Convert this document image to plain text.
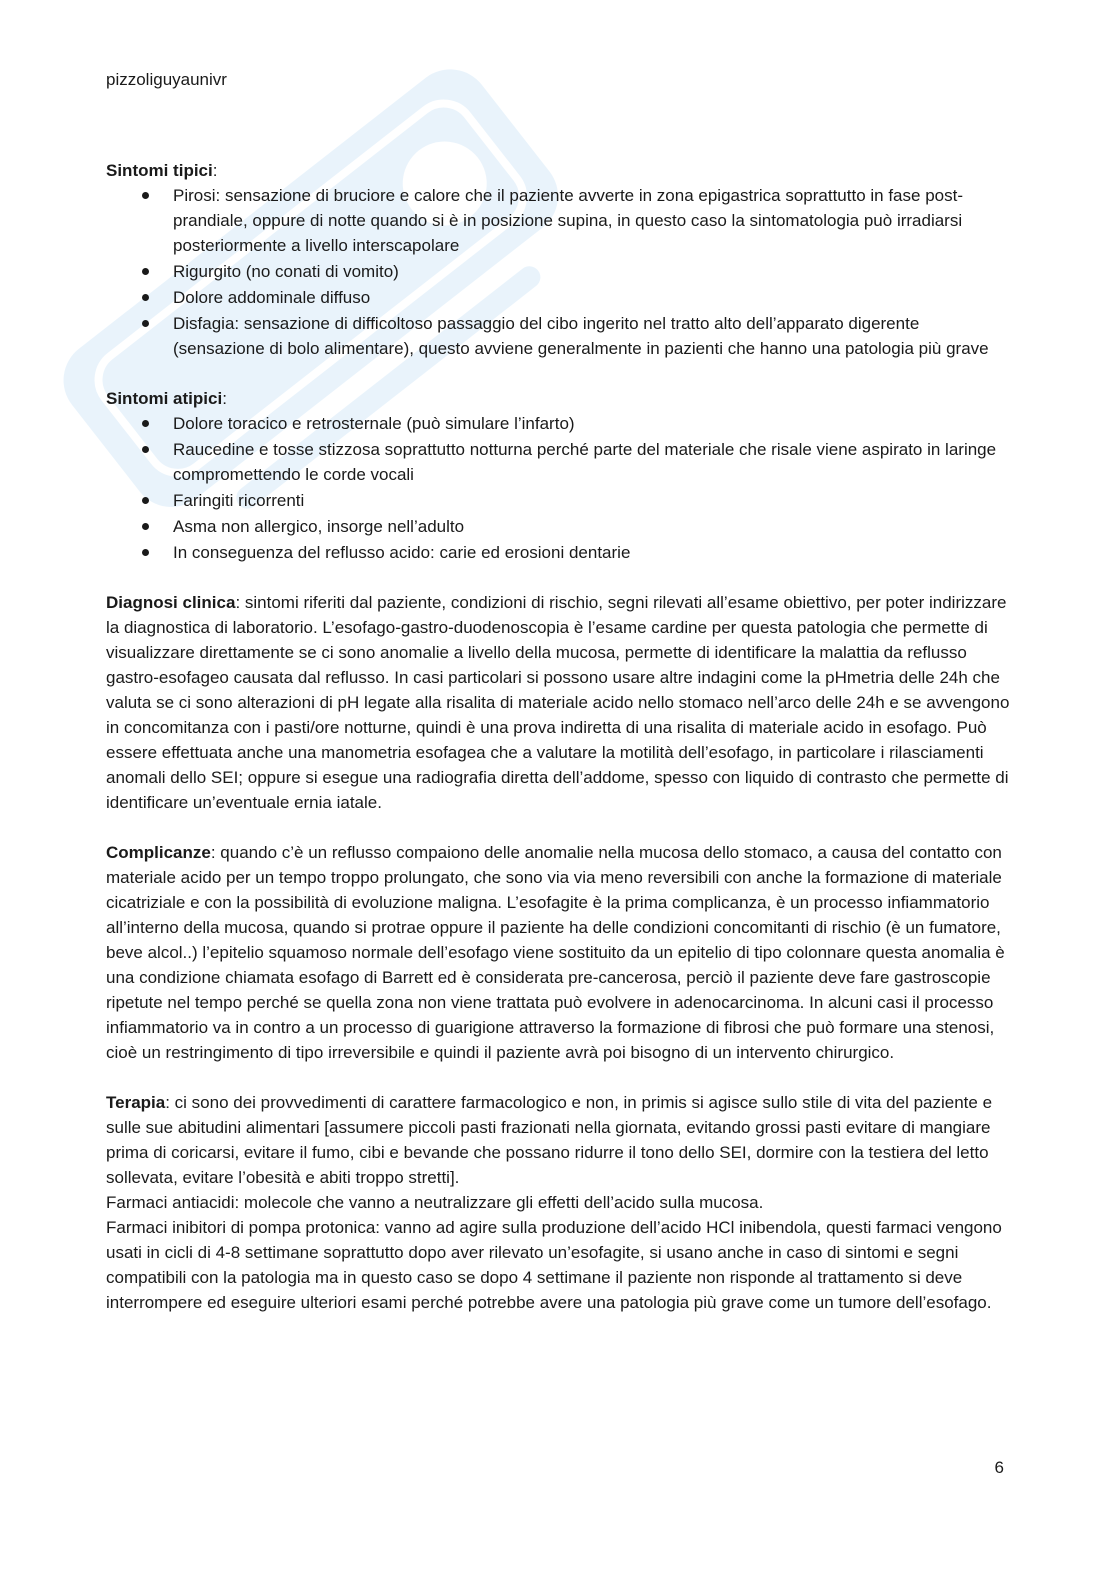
pizzoliguyaunivr

Sintomi tipici:

Pirosi: sensazione di bruciore e calore che il paziente avverte in zona epigastrica soprattutto in fase post-prandiale, oppure di notte quando si è in posizione supina, in questo caso la sintomatologia può irradiarsi posteriormente a livello interscapolare
Rigurgito (no conati di vomito)
Dolore addominale diffuso
Disfagia: sensazione di difficoltoso passaggio del cibo ingerito nel tratto alto dell’apparato digerente (sensazione di bolo alimentare), questo avviene generalmente in pazienti che hanno una patologia più grave

Sintomi atipici:

Dolore toracico e retrosternale (può simulare l’infarto)
Raucedine e tosse stizzosa soprattutto notturna perché parte del materiale che risale viene aspirato in laringe compromettendo le corde vocali
Faringiti ricorrenti
Asma non allergico, insorge nell’adulto
In conseguenza del reflusso acido: carie ed erosioni dentarie

Diagnosi clinica: sintomi riferiti dal paziente, condizioni di rischio, segni rilevati all’esame obiettivo, per poter indirizzare la diagnostica di laboratorio. L’esofago-gastro-duodenoscopia è l’esame cardine per questa patologia che permette di visualizzare direttamente se ci sono anomalie a livello della mucosa, permette di identificare la malattia da reflusso gastro-esofageo causata dal reflusso. In casi particolari si possono usare altre indagini come la pHmetria delle 24h che valuta se ci sono alterazioni di pH legate alla risalita di materiale acido nello stomaco nell’arco delle 24h e se avvengono in concomitanza con i pasti/ore notturne, quindi è una prova indiretta di una risalita di materiale acido in esofago. Può essere effettuata anche una manometria esofagea che a valutare la motilità dell’esofago, in particolare i rilasciamenti anomali dello SEI; oppure si esegue una radiografia diretta dell’addome, spesso con liquido di contrasto che permette di identificare un’eventuale ernia iatale.

Complicanze: quando c’è un reflusso compaiono delle anomalie nella mucosa dello stomaco, a causa del contatto con materiale acido per un tempo troppo prolungato, che sono via via meno reversibili con anche la formazione di materiale cicatriziale e con la possibilità di evoluzione maligna. L’esofagite è la prima complicanza, è un processo infiammatorio all’interno della mucosa, quando si protrae oppure il paziente ha delle condizioni concomitanti di rischio (è un fumatore, beve alcol..) l’epitelio squamoso normale dell’esofago viene sostituito da un epitelio di tipo colonnare questa anomalia è una condizione chiamata esofago di Barrett ed è considerata pre-cancerosa, perciò il paziente deve fare gastroscopie ripetute nel tempo perché se quella zona non viene trattata può evolvere in adenocarcinoma. In alcuni casi il processo infiammatorio va in contro a un processo di guarigione attraverso la formazione di fibrosi che può formare una stenosi, cioè un restringimento di tipo irreversibile e quindi il paziente avrà poi bisogno di un intervento chirurgico.

Terapia: ci sono dei provvedimenti di carattere farmacologico e non, in primis si agisce sullo stile di vita del paziente e sulle sue abitudini alimentari [assumere piccoli pasti frazionati nella giornata, evitando grossi pasti evitare di mangiare prima di coricarsi, evitare il fumo, cibi e bevande che possano ridurre il tono dello SEI, dormire con la testiera del letto sollevata, evitare l’obesità e abiti troppo stretti].

Farmaci antiacidi: molecole che vanno a neutralizzare gli effetti dell’acido sulla mucosa.

Farmaci inibitori di pompa protonica: vanno ad agire sulla produzione dell’acido HCl inibendola, questi farmaci vengono usati in cicli di 4-8 settimane soprattutto dopo aver rilevato un’esofagite, si usano anche in caso di sintomi e segni compatibili con la patologia ma in questo caso se dopo 4 settimane il paziente non risponde al trattamento si deve interrompere ed eseguire ulteriori esami perché potrebbe avere una patologia più grave come un tumore dell’esofago.

6
